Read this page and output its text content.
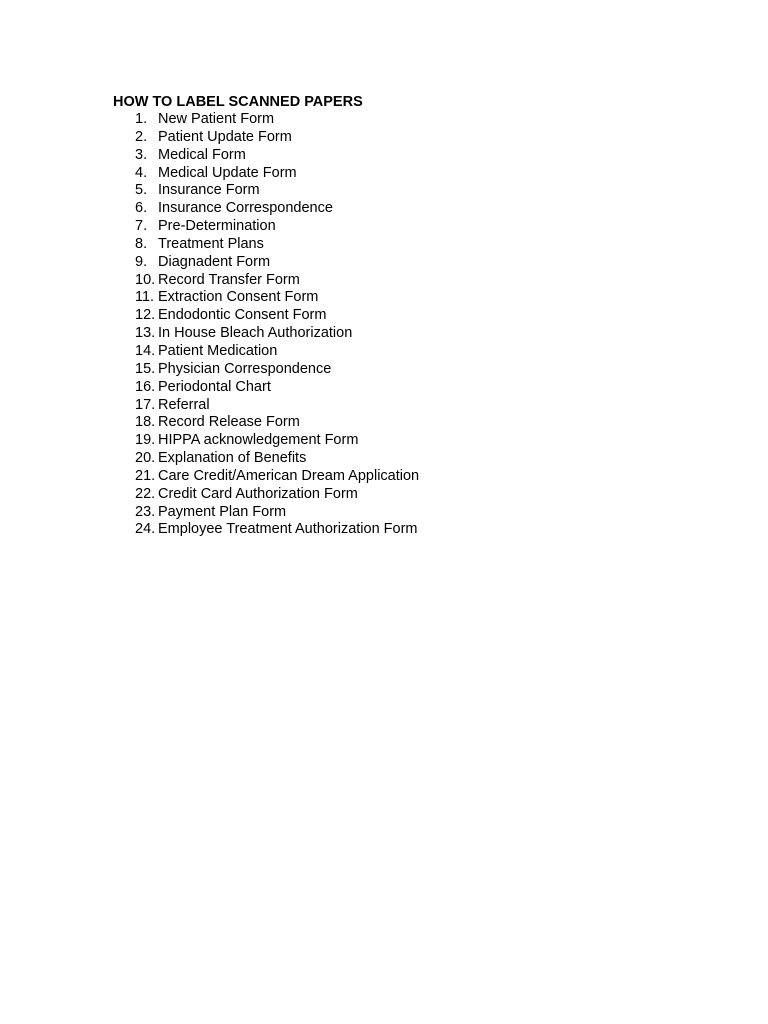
HOW TO LABEL SCANNED PAPERS
1. New Patient Form
2. Patient Update Form
3. Medical Form
4. Medical Update Form
5. Insurance Form
6. Insurance Correspondence
7. Pre-Determination
8. Treatment Plans
9. Diagnadent Form
10. Record Transfer Form
11. Extraction Consent Form
12. Endodontic Consent Form
13. In House Bleach Authorization
14. Patient Medication
15. Physician Correspondence
16. Periodontal Chart
17. Referral
18. Record Release Form
19. HIPPA acknowledgement Form
20. Explanation of Benefits
21. Care Credit/American Dream Application
22. Credit Card Authorization Form
23. Payment Plan Form
24. Employee Treatment Authorization Form
